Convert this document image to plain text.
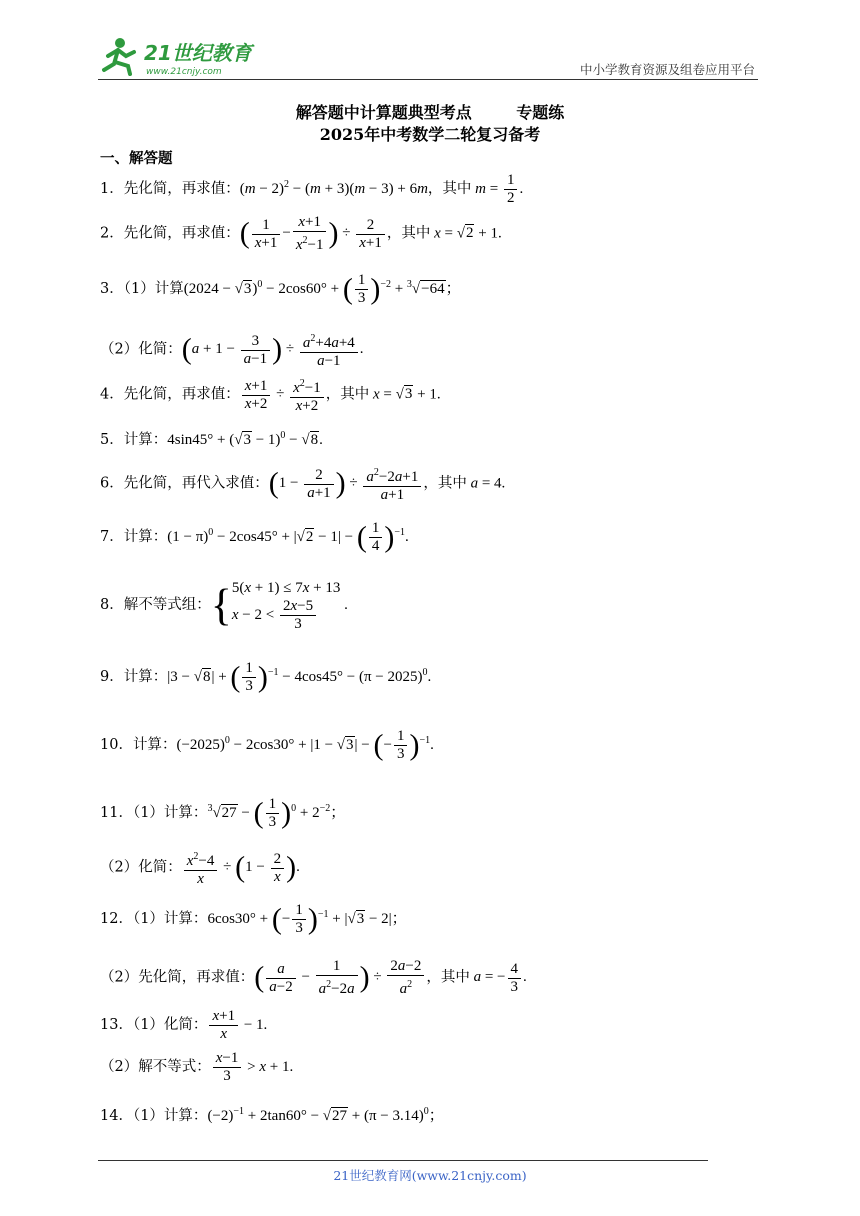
21世纪教育
www.21cnjy.com	中小学教育资源及组卷应用平台
解答题中计算题典型考点        专题练
2025年中考数学二轮复习备考
一、解答题
1．先化简，再求值：$(m - 2)^2 - (m + 3)(m - 3) + 6m$，其中 $m = \frac{1}{2}$ .
2．先化简，再求值：( $\frac{1}{x+1} - \frac{x+1}{x^2-1}$ ) ÷ $\frac{2}{x+1}$ ，其中 x = √2 + 1.
3．（1）计算$(2024 - √3)^0 - 2\cos 60^\circ$ + ( $\frac{1}{3} )^{-2} + ^3√-64$；
（2）化简：($a + 1 - \frac{3}{a-1}$ ) ÷ $\frac{a^2+4a+4}{a-1}$ .
4．先化简，再求值： $\frac{x+1}{x+2} \div \frac{x^2-1}{x+2}$ ，其中 x = √3 + 1.
5．计算：$4\sin 45^\circ + (√3 - 1)^0 - √8$.
6．先化简，再代入求值：($1 - \frac{2}{a+1}$ ) ÷ $\frac{a^2-2a+1}{a+1}$ ，其中 a = 4.
7．计算：$(1 - \pi)^0 - 2\cos 45^\circ + |√2 - 1|$ − ( $\frac{1}{4} )^{-1}$.
8．解不等式组：{ 5(x + 1) ≤ 7x + 13
$x - 2 < \frac{2x-5}{3}$ .
9．计算：|3 − √8| + ( $\frac{1}{3} )^{-1} - 4\cos 45^\circ - (\pi - 2025)^0$.
10．计算：$(-2025)^0 - 2\cos 30^\circ + |1 - √3|$ − (− $\frac{1}{3} )^{-1}$.
11．（1）计算：$^3$√27 − ( $\frac{1}{3} )^0 + 2^{-2}$；
（2）化简： $\frac{x^2-4}{x} \div (1 - \frac{2}{x}$ ).
12．（1）计算：6cos30° + (− $\frac{1}{3} )^{-1} + |√3 - 2|$；
（2）先化简，再求值：( $\frac{a}{a-2} - \frac{1}{a^2-2a}$ ) ÷ $\frac{2a-2}{a^2}$ ，其中 a = − $\frac{4}{3}$ .
13．（1）化简： $\frac{x+1}{x} - 1$.
（2）解不等式： $\frac{x-1}{3} > x + 1$.
14．（1）计算：$(-2)^{-1} + 2\tan 60^\circ - √27 + (\pi - 3.14)^0$；
21世纪教育网(www.21cnjy.com)
